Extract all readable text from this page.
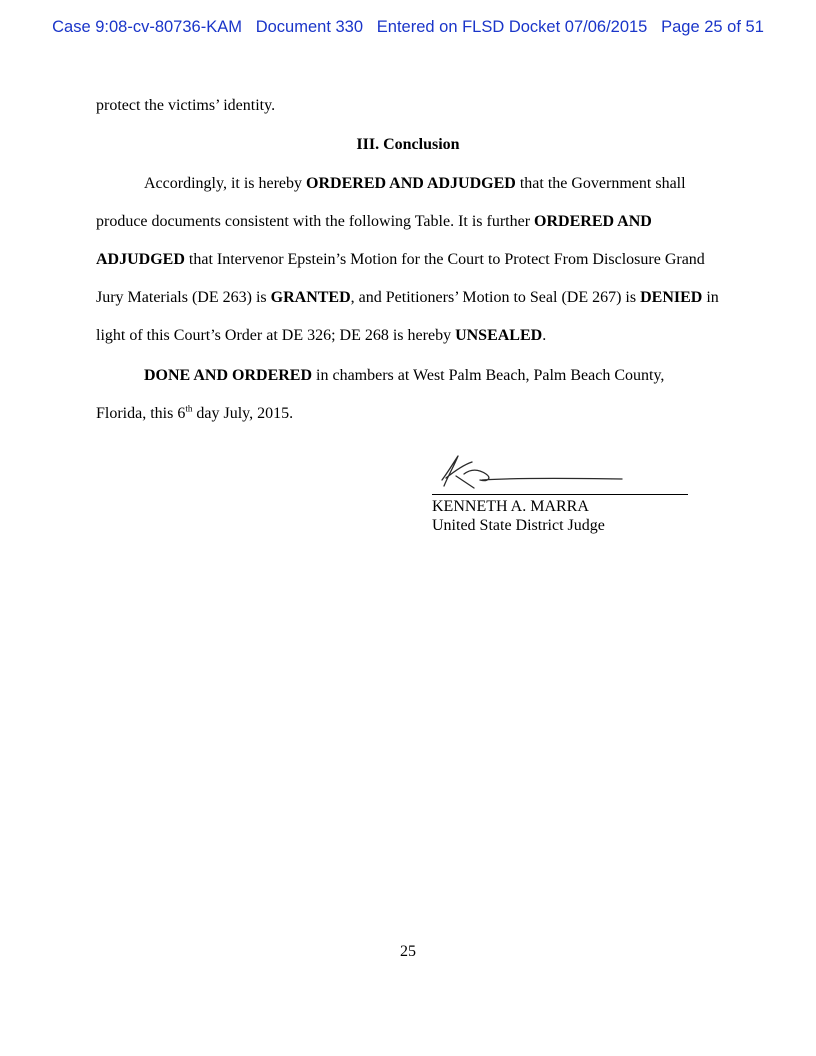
Case 9:08-cv-80736-KAM   Document 330   Entered on FLSD Docket 07/06/2015   Page 25 of 51
protect the victims’ identity.
III. Conclusion
Accordingly, it is hereby ORDERED AND ADJUDGED that the Government shall
produce documents consistent with the following Table. It is further ORDERED AND
ADJUDGED that Intervenor Epstein’s Motion for the Court to Protect From Disclosure Grand
Jury Materials (DE 263) is GRANTED, and Petitioners’ Motion to Seal (DE 267) is DENIED in
light of this Court’s Order at DE 326; DE 268 is hereby UNSEALED.
DONE AND ORDERED in chambers at West Palm Beach, Palm Beach County,
Florida, this 6th day July, 2015.
KENNETH A. MARRA
United State District Judge
25
